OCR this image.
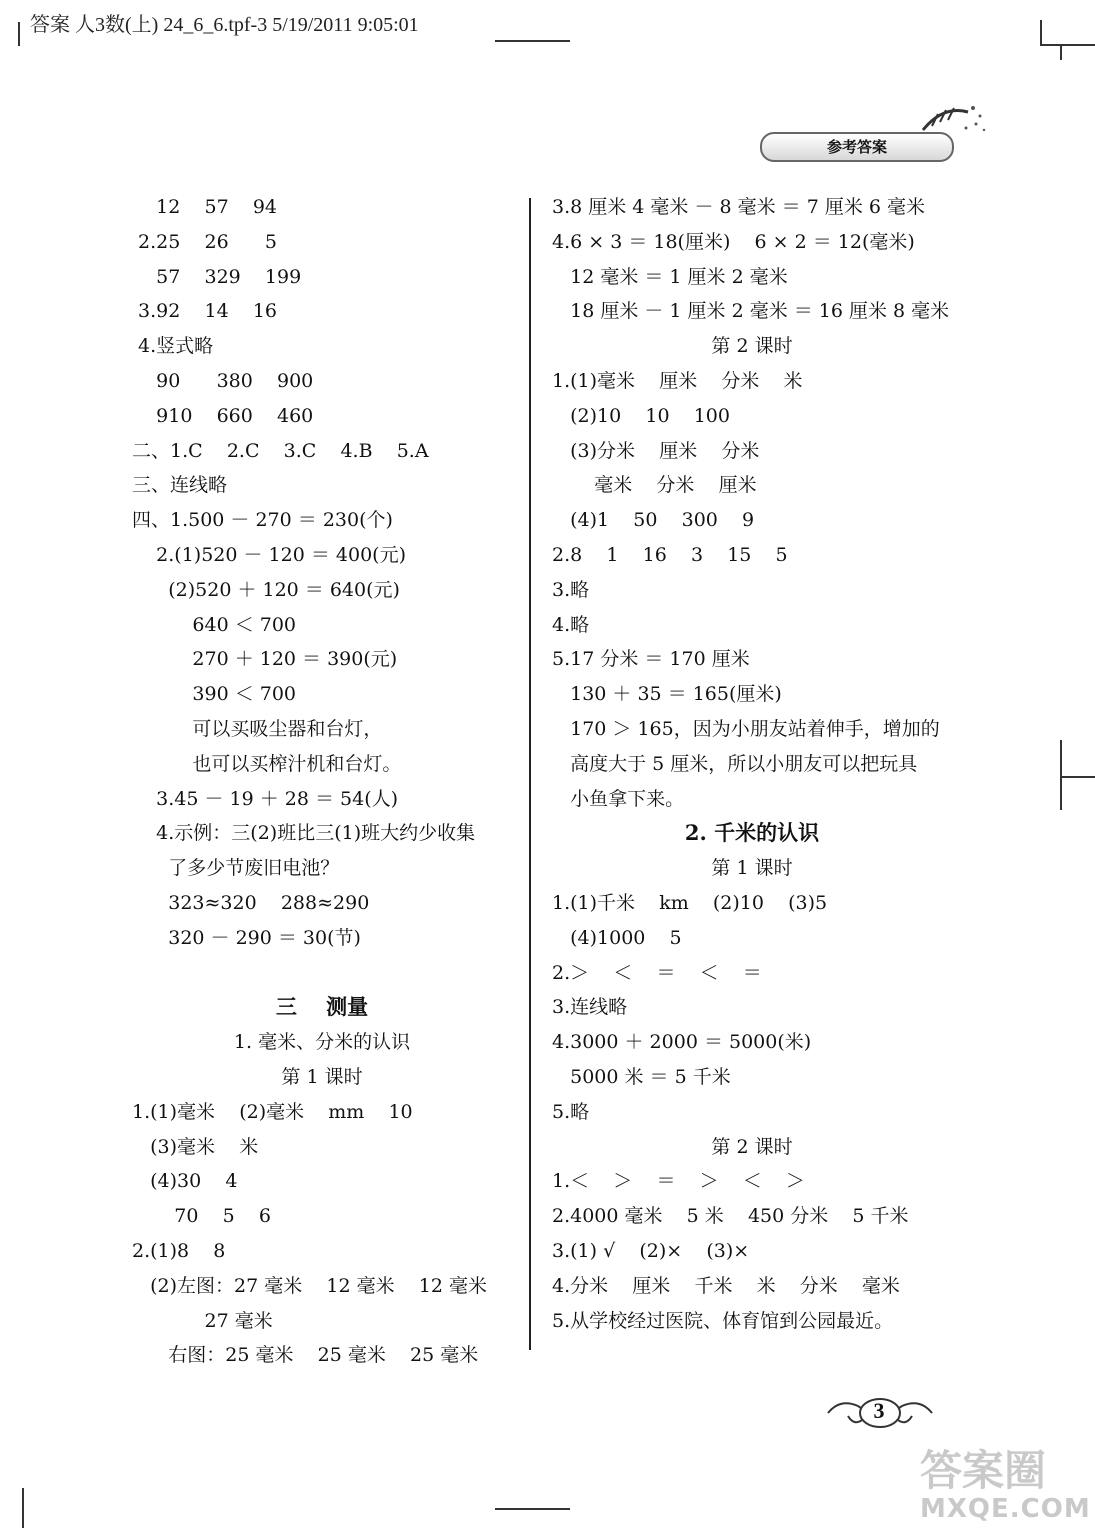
答案 人3数(上) 24_6_6.tpf-3 5/19/2011 9:05:01
参考答案
12    57    94
2.25    26      5
57    329    199
3.92    14    16
4.竖式略
90      380    900
910    660    460
二、1.C    2.C    3.C    4.B    5.A
三、连线略
四、1.500 － 270 ＝ 230(个)
2.(1)520 － 120 ＝ 400(元)
(2)520 ＋ 120 ＝ 640(元)
640 ＜ 700
270 ＋ 120 ＝ 390(元)
390 ＜ 700
可以买吸尘器和台灯，
也可以买榨汁机和台灯。
3.45 － 19 ＋ 28 ＝ 54(人)
4.示例：三(2)班比三(1)班大约少收集
了多少节废旧电池？
323≈320    288≈290
320 － 290 ＝ 30(节)
三    测量
1. 毫米、分米的认识
第 1 课时
1.(1)毫米    (2)毫米    mm    10
(3)毫米    米
(4)30    4
70    5    6
2.(1)8    8
(2)左图：27 毫米    12 毫米    12 毫米
27 毫米
右图：25 毫米    25 毫米    25 毫米
3.8 厘米 4 毫米 － 8 毫米 ＝ 7 厘米 6 毫米
4.6 × 3 ＝ 18(厘米)    6 × 2 ＝ 12(毫米)
12 毫米 ＝ 1 厘米 2 毫米
18 厘米 － 1 厘米 2 毫米 ＝ 16 厘米 8 毫米
第 2 课时
1.(1)毫米    厘米    分米    米
(2)10    10    100
(3)分米    厘米    分米
毫米    分米    厘米
(4)1    50    300    9
2.8    1    16    3    15    5
3.略
4.略
5.17 分米 ＝ 170 厘米
130 ＋ 35 ＝ 165(厘米)
170 ＞ 165，因为小朋友站着伸手，增加的
高度大于 5 厘米，所以小朋友可以把玩具
小鱼拿下来。
2. 千米的认识
第 1 课时
1.(1)千米    km    (2)10    (3)5
(4)1000    5
2.＞    ＜    ＝    ＜    ＝
3.连线略
4.3000 ＋ 2000 ＝ 5000(米)
5000 米 ＝ 5 千米
5.略
第 2 课时
1.＜    ＞    ＝    ＞    ＜    ＞
2.4000 毫米    5 米    450 分米    5 千米
3.(1) √    (2)×    (3)×
4.分米    厘米    千米    米    分米    毫米
5.从学校经过医院、体育馆到公园最近。
3
答案圈
MXQE.COM
